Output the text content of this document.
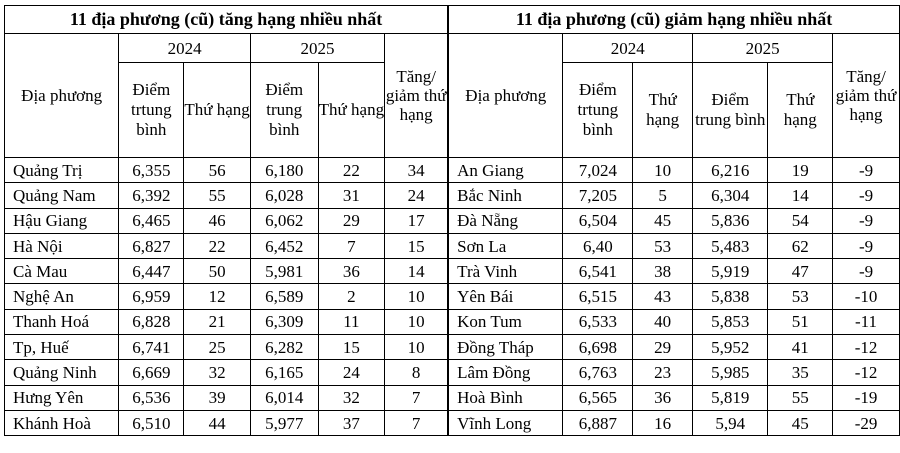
11 địa phương (cũ) tăng hạng nhiều nhất						11 địa phương (cũ) giảm hạng nhiều nhất					
Địa phương	2024		2025		Tăng/ giảm thứ hạng		Địa phương	2024		2025		Tăng/ giảm thứ hạng
	Điểm trtung bình	Thứ hạng	Điểm trung bình	Thứ hạng			Điểm trtung bình	Thứ hạng	Điểm trung bình	Thứ hạng	
Quảng Trị	6,355	56	6,180	22	34		An Giang	7,024	10	6,216	19	-9
Quảng Nam	6,392	55	6,028	31	24		Bắc Ninh	7,205	5	6,304	14	-9
Hậu Giang	6,465	46	6,062	29	17		Đà Nẵng	6,504	45	5,836	54	-9
Hà Nội	6,827	22	6,452	7	15		Sơn La	6,40	53	5,483	62	-9
Cà Mau	6,447	50	5,981	36	14		Trà Vinh	6,541	38	5,919	47	-9
Nghệ An	6,959	12	6,589	2	10		Yên Bái	6,515	43	5,838	53	-10
Thanh Hoá	6,828	21	6,309	11	10		Kon Tum	6,533	40	5,853	51	-11
Tp, Huế	6,741	25	6,282	15	10		Đồng Tháp	6,698	29	5,952	41	-12
Quảng Ninh	6,669	32	6,165	24	8		Lâm Đồng	6,763	23	5,985	35	-12
Hưng Yên	6,536	39	6,014	32	7		Hoà Bình	6,565	36	5,819	55	-19
Khánh Hoà	6,510	44	5,977	37	7		Vĩnh Long	6,887	16	5,94	45	-29
